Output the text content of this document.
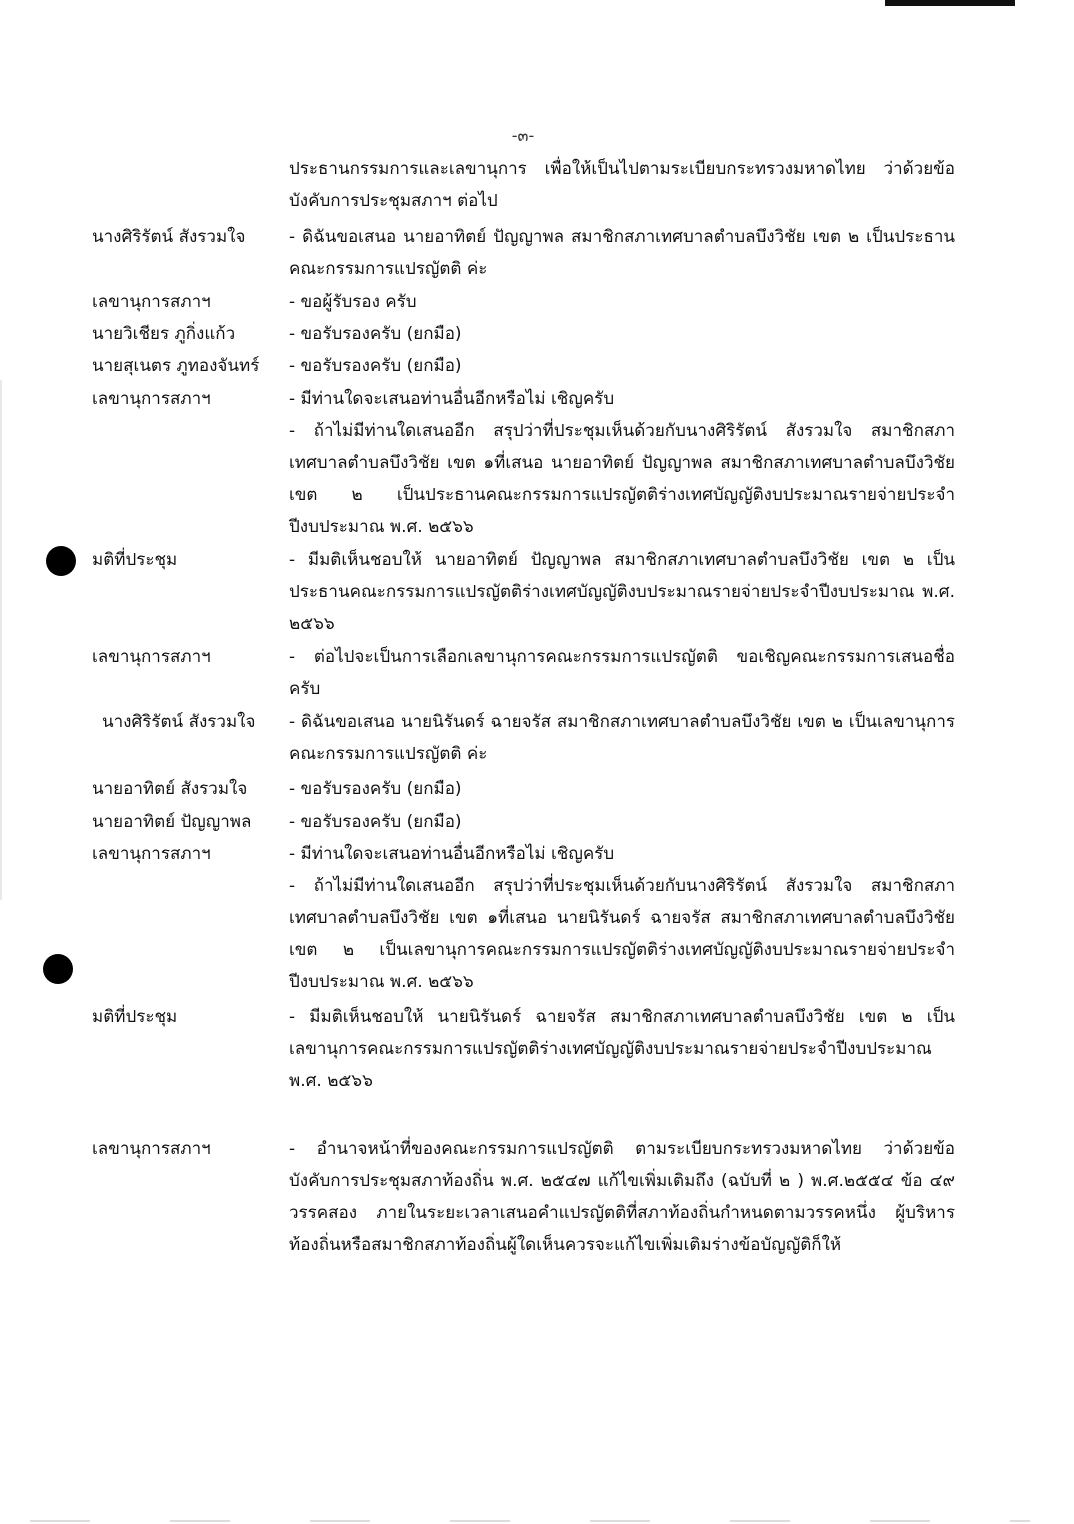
-๓-
ประธานกรรมการและเลขานุการ เพื่อให้เป็นไปตามระเบียบกระทรวงมหาดไทย ว่าด้วยข้อบังคับการประชุมสภาฯ ต่อไป
นางศิริรัตน์ สังรวมใจ	- ดิฉันขอเสนอ นายอาทิตย์ ปัญญาพล สมาชิกสภาเทศบาลตำบลบึงวิชัย เขต ๒ เป็นประธานคณะกรรมการแปรญัตติ ค่ะ
เลขานุการสภาฯ	- ขอผู้รับรอง ครับ
นายวิเชียร ภูกิ่งแก้ว	- ขอรับรองครับ (ยกมือ)
นายสุเนตร ภูทองจันทร์	- ขอรับรองครับ (ยกมือ)
เลขานุการสภาฯ	- มีท่านใดจะเสนอท่านอื่นอีกหรือไม่ เชิญครับ
- ถ้าไม่มีท่านใดเสนออีก สรุปว่าที่ประชุมเห็นด้วยกับนางศิริรัตน์ สังรวมใจ สมาชิกสภาเทศบาลตำบลบึงวิชัย เขต ๑ที่เสนอ นายอาทิตย์ ปัญญาพล สมาชิกสภาเทศบาลตำบลบึงวิชัย เขต ๒ เป็นประธานคณะกรรมการแปรญัตติร่างเทศบัญญัติงบประมาณรายจ่ายประจำปีงบประมาณ พ.ศ. ๒๕๖๖
มติที่ประชุม	- มีมติเห็นชอบให้ นายอาทิตย์ ปัญญาพล สมาชิกสภาเทศบาลตำบลบึงวิชัย เขต ๒ เป็นประธานคณะกรรมการแปรญัตติร่างเทศบัญญัติงบประมาณรายจ่ายประจำปีงบประมาณ พ.ศ. ๒๕๖๖
เลขานุการสภาฯ	- ต่อไปจะเป็นการเลือกเลขานุการคณะกรรมการแปรญัตติ ขอเชิญคณะกรรมการเสนอชื่อ ครับ
นางศิริรัตน์ สังรวมใจ	- ดิฉันขอเสนอ นายนิรันดร์ ฉายจรัส สมาชิกสภาเทศบาลตำบลบึงวิชัย เขต ๒ เป็นเลขานุการคณะกรรมการแปรญัตติ ค่ะ
นายอาทิตย์ สังรวมใจ	- ขอรับรองครับ (ยกมือ)
นายอาทิตย์ ปัญญาพล	- ขอรับรองครับ (ยกมือ)
เลขานุการสภาฯ	- มีท่านใดจะเสนอท่านอื่นอีกหรือไม่ เชิญครับ
- ถ้าไม่มีท่านใดเสนออีก สรุปว่าที่ประชุมเห็นด้วยกับนางศิริรัตน์ สังรวมใจ สมาชิกสภาเทศบาลตำบลบึงวิชัย เขต ๑ที่เสนอ นายนิรันดร์ ฉายจรัส สมาชิกสภาเทศบาลตำบลบึงวิชัย เขต ๒ เป็นเลขานุการคณะกรรมการแปรญัตติร่างเทศบัญญัติงบประมาณรายจ่ายประจำปีงบประมาณ พ.ศ. ๒๕๖๖
มติที่ประชุม	- มีมติเห็นชอบให้ นายนิรันดร์ ฉายจรัส สมาชิกสภาเทศบาลตำบลบึงวิชัย เขต ๒ เป็นเลขานุการคณะกรรมการแปรญัตติร่างเทศบัญญัติงบประมาณรายจ่ายประจำปีงบประมาณ พ.ศ. ๒๕๖๖
เลขานุการสภาฯ	- อำนาจหน้าที่ของคณะกรรมการแปรญัตติ ตามระเบียบกระทรวงมหาดไทย ว่าด้วยข้อบังคับการประชุมสภาท้องถิ่น พ.ศ. ๒๕๔๗ แก้ไขเพิ่มเติมถึง (ฉบับที่ ๒ ) พ.ศ.๒๕๕๔ ข้อ ๔๙ วรรคสอง ภายในระยะเวลาเสนอคำแปรญัตติที่สภาท้องถิ่นกำหนดตามวรรคหนึ่ง ผู้บริหารท้องถิ่นหรือสมาชิกสภาท้องถิ่นผู้ใดเห็นควรจะแก้ไขเพิ่มเติมร่างข้อบัญญัติก็ให้
